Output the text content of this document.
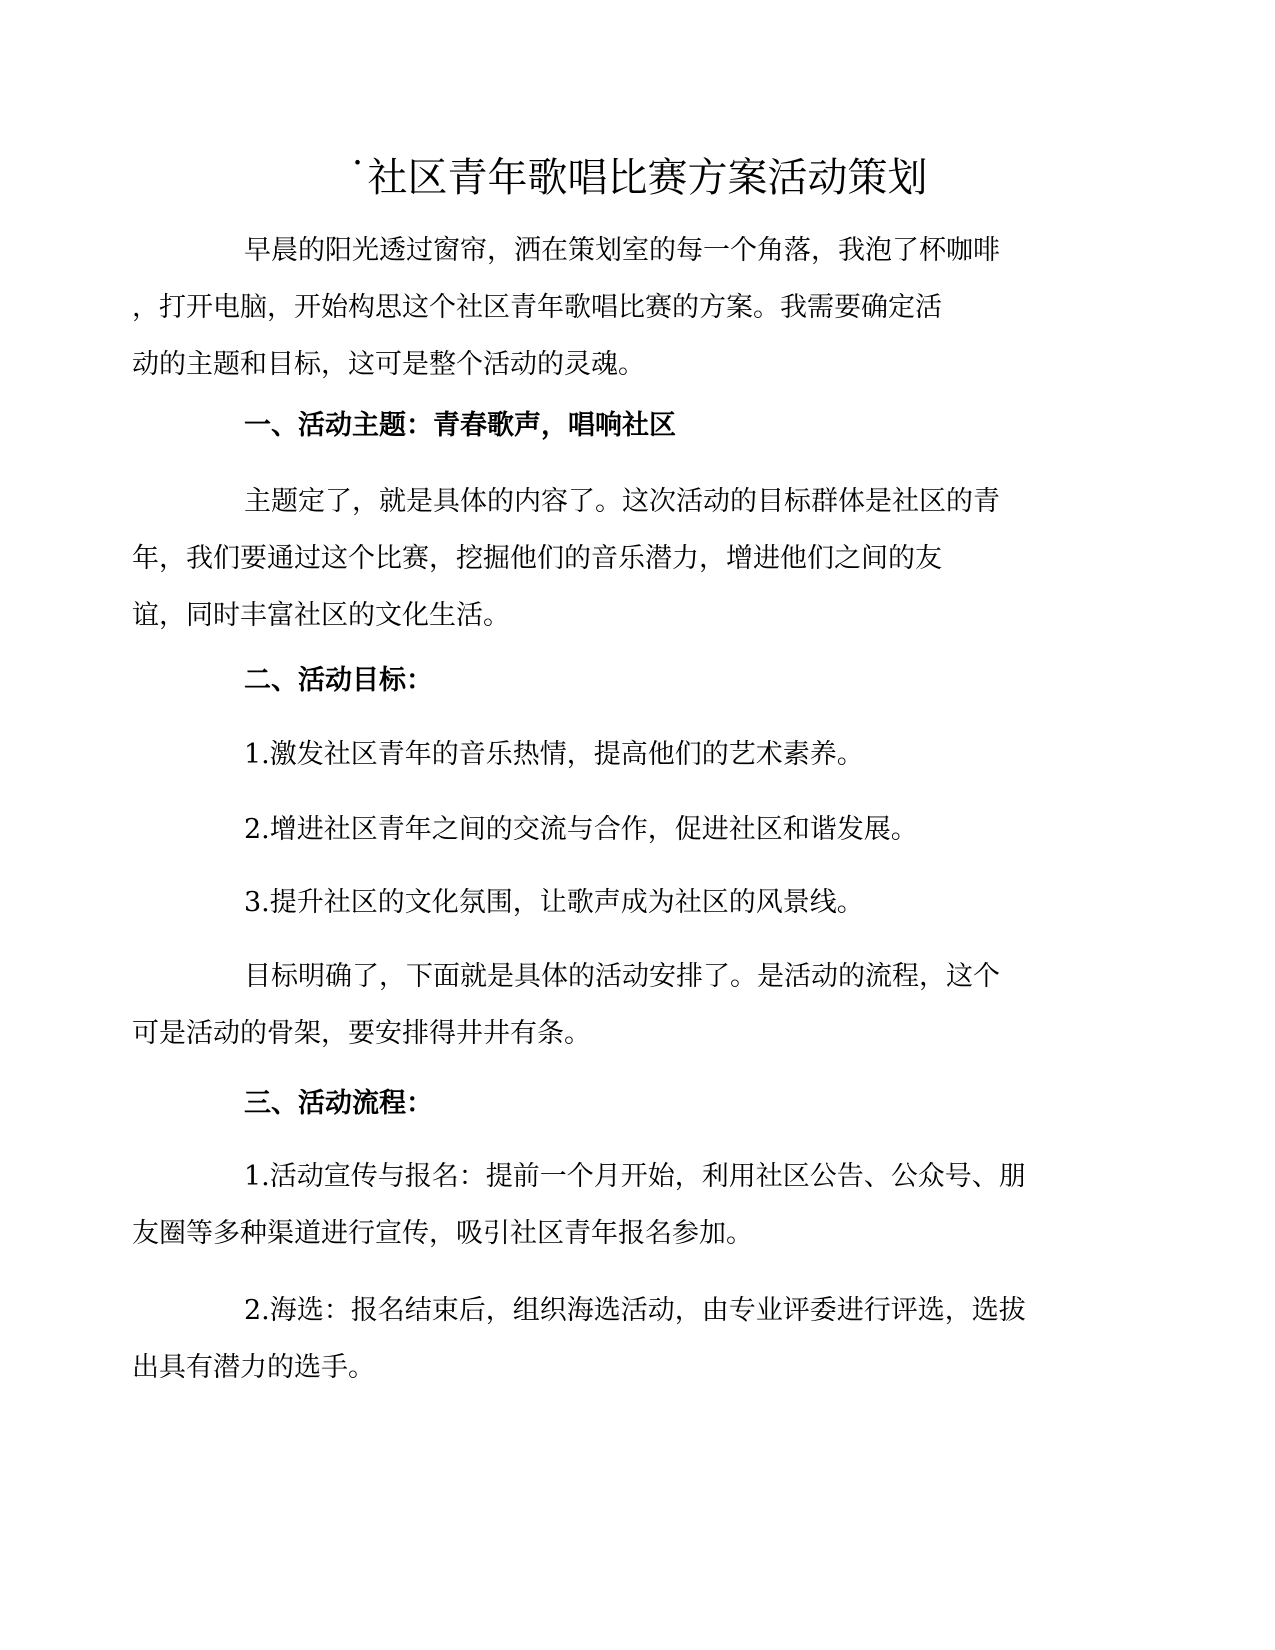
˙社区青年歌唱比赛方案活动策划

早晨的阳光透过窗帘，洒在策划室的每一个角落，我泡了杯咖啡
，打开电脑，开始构思这个社区青年歌唱比赛的方案。我需要确定活
动的主题和目标，这可是整个活动的灵魂。

一、活动主题：青春歌声，唱响社区

主题定了，就是具体的内容了。这次活动的目标群体是社区的青
年，我们要通过这个比赛，挖掘他们的音乐潜力，增进他们之间的友
谊，同时丰富社区的文化生活。

二、活动目标：

1.激发社区青年的音乐热情，提高他们的艺术素养。

2.增进社区青年之间的交流与合作，促进社区和谐发展。

3.提升社区的文化氛围，让歌声成为社区的风景线。

目标明确了，下面就是具体的活动安排了。是活动的流程，这个
可是活动的骨架，要安排得井井有条。

三、活动流程：

1.活动宣传与报名：提前一个月开始，利用社区公告、公众号、朋
友圈等多种渠道进行宣传，吸引社区青年报名参加。

2.海选：报名结束后，组织海选活动，由专业评委进行评选，选拔
出具有潜力的选手。
